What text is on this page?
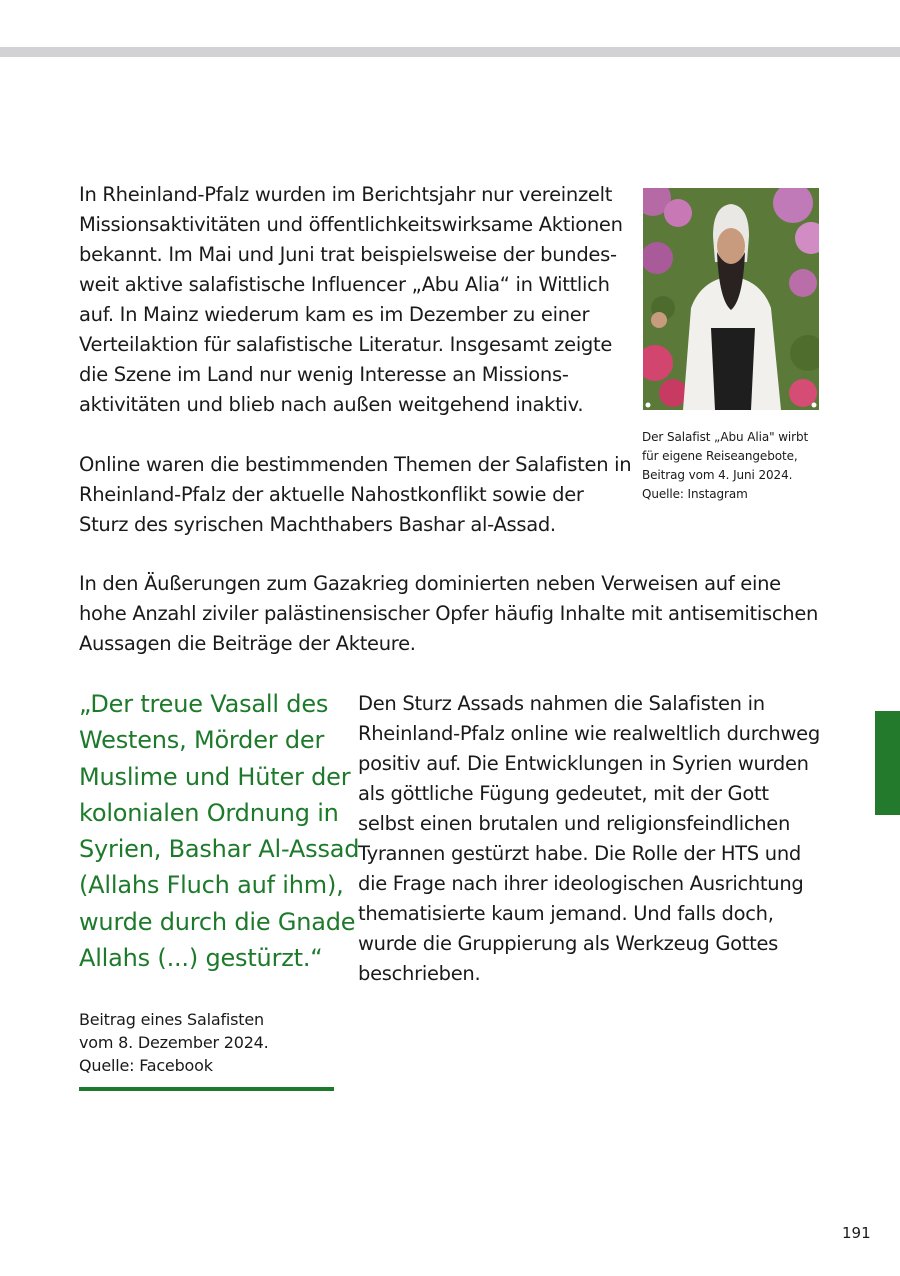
In Rheinland-Pfalz wurden im Berichtsjahr nur vereinzelt
Missionsaktivitäten und öffentlichkeitswirksame Aktionen
bekannt. Im Mai und Juni trat beispielsweise der bundes-
weit aktive salafistische Influencer „Abu Alia“ in Wittlich
auf. In Mainz wiederum kam es im Dezember zu einer
Verteilaktion für salafistische Literatur. Insgesamt zeigte
die Szene im Land nur wenig Interesse an Missions-
aktivitäten und blieb nach außen weitgehend inaktiv.

Online waren die bestimmenden Themen der Salafisten in
Rheinland-Pfalz der aktuelle Nahostkonflikt sowie der
Sturz des syrischen Machthabers Bashar al-Assad.

In den Äußerungen zum Gazakrieg dominierten neben Verweisen auf eine
hohe Anzahl ziviler palästinensischer Opfer häufig Inhalte mit antisemitischen
Aussagen die Beiträge der Akteure.

Der Salafist „Abu Alia" wirbt
für eigene Reiseangebote,
Beitrag vom 4. Juni 2024.
Quelle: Instagram
„Der treue Vasall des
Westens, Mörder der
Muslime und Hüter der
kolonialen Ordnung in
Syrien, Bashar Al-Assad
(Allahs Fluch auf ihm),
wurde durch die Gnade
Allahs (...) gestürzt.“
Beitrag eines Salafisten
vom 8. Dezember 2024.
Quelle: Facebook

Den Sturz Assads nahmen die Salafisten in
Rheinland-Pfalz online wie realweltlich durchweg
positiv auf. Die Entwicklungen in Syrien wurden
als göttliche Fügung gedeutet, mit der Gott
selbst einen brutalen und religionsfeindlichen
Tyrannen gestürzt habe. Die Rolle der HTS und
die Frage nach ihrer ideologischen Ausrichtung
thematisierte kaum jemand. Und falls doch,
wurde die Gruppierung als Werkzeug Gottes
beschrieben.

191
